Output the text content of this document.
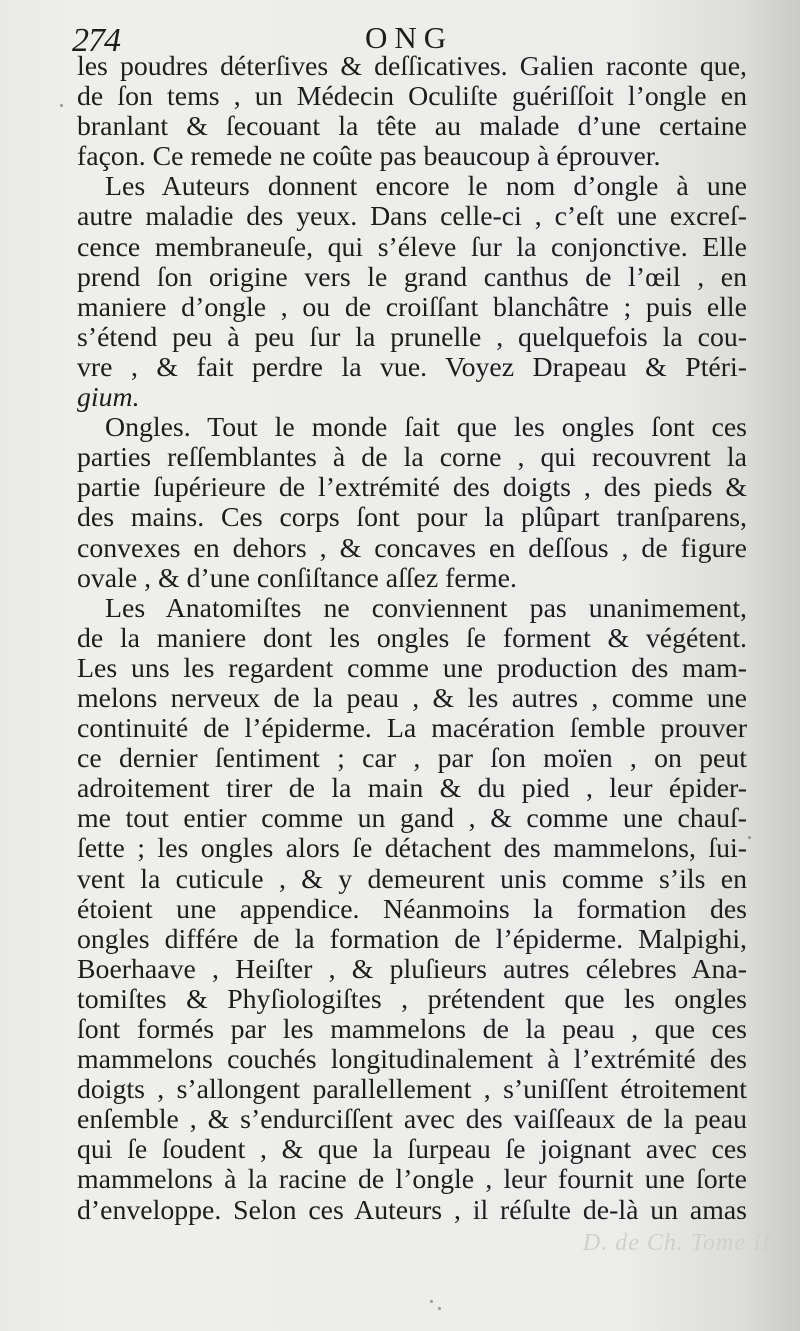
274	ONG
les poudres déterſives & deſſicatives. Galien raconte que,
de ſon tems , un Médecin Oculiſte guériſſoit l’ongle en
branlant & ſecouant la tête au malade d’une certaine
façon. Ce remede ne coûte pas beaucoup à éprouver.
Les Auteurs donnent encore le nom d’ongle à une
autre maladie des yeux. Dans celle-ci , c’eſt une excreſ-
cence membraneuſe, qui s’éleve ſur la conjonctive. Elle
prend ſon origine vers le grand canthus de l’œil , en
maniere d’ongle , ou de croiſſant blanchâtre ; puis elle
s’étend peu à peu ſur la prunelle , quelquefois la cou-
vre , & fait perdre la vue. Voyez Drapeau & Ptéri-
gium.
Ongles. Tout le monde ſait que les ongles ſont ces
parties reſſemblantes à de la corne , qui recouvrent la
partie ſupérieure de l’extrémité des doigts , des pieds &
des mains. Ces corps ſont pour la plûpart tranſparens,
convexes en dehors , & concaves en deſſous , de figure
ovale , & d’une conſiſtance aſſez ferme.
Les Anatomiſtes ne conviennent pas unanimement,
de la maniere dont les ongles ſe forment & végétent.
Les uns les regardent comme une production des mam-
melons nerveux de la peau , & les autres , comme une
continuité de l’épiderme. La macération ſemble prouver
ce dernier ſentiment ; car , par ſon moïen , on peut
adroitement tirer de la main & du pied , leur épider-
me tout entier comme un gand , & comme une chauſ-
ſette ; les ongles alors ſe détachent des mammelons, ſui-
vent la cuticule , & y demeurent unis comme s’ils en
étoient une appendice. Néanmoins la formation des
ongles différe de la formation de l’épiderme. Malpighi,
Boerhaave , Heiſter , & pluſieurs autres célebres Ana-
tomiſtes & Phyſiologiſtes , prétendent que les ongles
ſont formés par les mammelons de la peau , que ces
mammelons couchés longitudinalement à l’extrémité des
doigts , s’allongent parallellement , s’uniſſent étroitement
enſemble , & s’endurciſſent avec des vaiſſeaux de la peau
qui ſe ſoudent , & que la ſurpeau ſe joignant avec ces
mammelons à la racine de l’ongle , leur fournit une ſorte
d’enveloppe. Selon ces Auteurs , il réſulte de-là un amas
D. de Ch. Tome II.
